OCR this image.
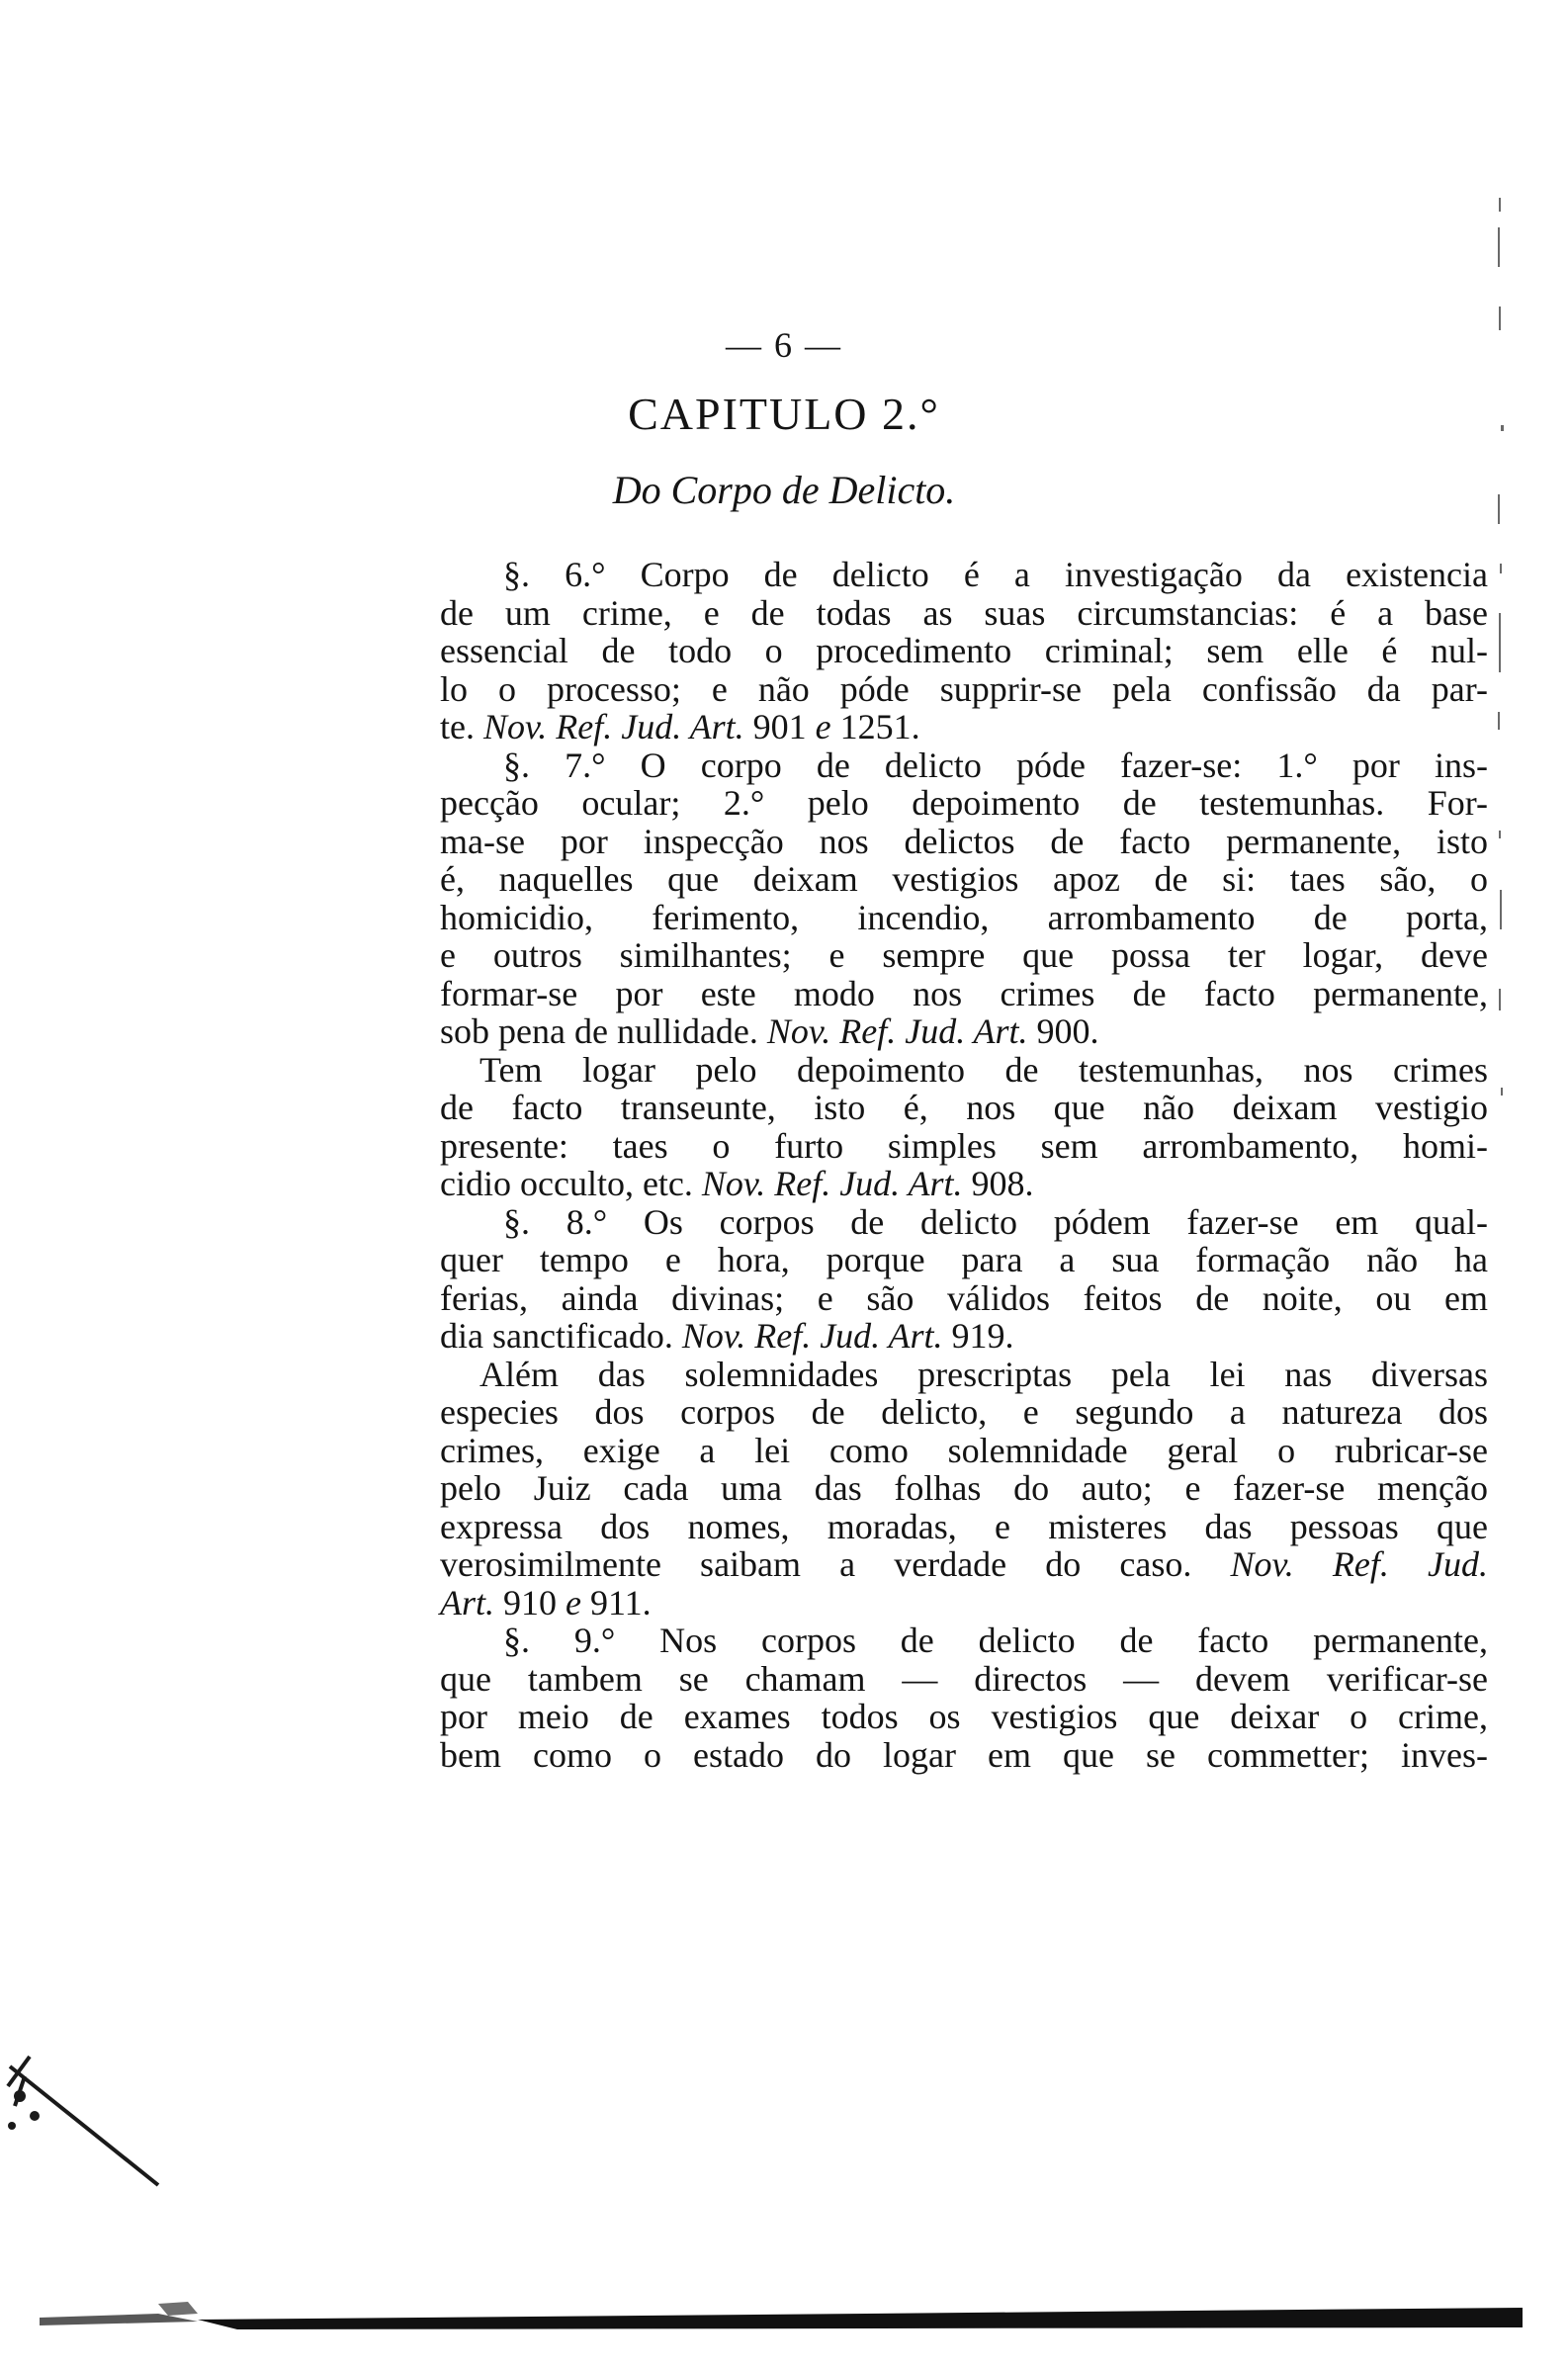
— 6 —
CAPITULO 2.°
Do Corpo de Delicto.
§. 6.° Corpo de delicto é a investigação da existencia
de um crime, e de todas as suas circumstancias: é a base
essencial de todo o procedimento criminal; sem elle é nul-
lo o processo; e não póde supprir-se pela confissão da par-
te. Nov. Ref. Jud. Art. 901 e 1251.
§. 7.° O corpo de delicto póde fazer-se: 1.° por ins-
pecção ocular; 2.° pelo depoimento de testemunhas. For-
ma-se por inspecção nos delictos de facto permanente, isto
é, naquelles que deixam vestigios apoz de si: taes são, o
homicidio, ferimento, incendio, arrombamento de porta,
e outros similhantes; e sempre que possa ter logar, deve
formar-se por este modo nos crimes de facto permanente,
sob pena de nullidade. Nov. Ref. Jud. Art. 900.
Tem logar pelo depoimento de testemunhas, nos crimes
de facto transeunte, isto é, nos que não deixam vestigio
presente: taes o furto simples sem arrombamento, homi-
cidio occulto, etc. Nov. Ref. Jud. Art. 908.
§. 8.° Os corpos de delicto pódem fazer-se em qual-
quer tempo e hora, porque para a sua formação não ha
ferias, ainda divinas; e são válidos feitos de noite, ou em
dia sanctificado. Nov. Ref. Jud. Art. 919.
Além das solemnidades prescriptas pela lei nas diversas
especies dos corpos de delicto, e segundo a natureza dos
crimes, exige a lei como solemnidade geral o rubricar-se
pelo Juiz cada uma das folhas do auto; e fazer-se menção
expressa dos nomes, moradas, e misteres das pessoas que
verosimilmente saibam a verdade do caso. Nov. Ref. Jud.
Art. 910 e 911.
§. 9.° Nos corpos de delicto de facto permanente,
que tambem se chamam — directos — devem verificar-se
por meio de exames todos os vestigios que deixar o crime,
bem como o estado do logar em que se commetter; inves-
